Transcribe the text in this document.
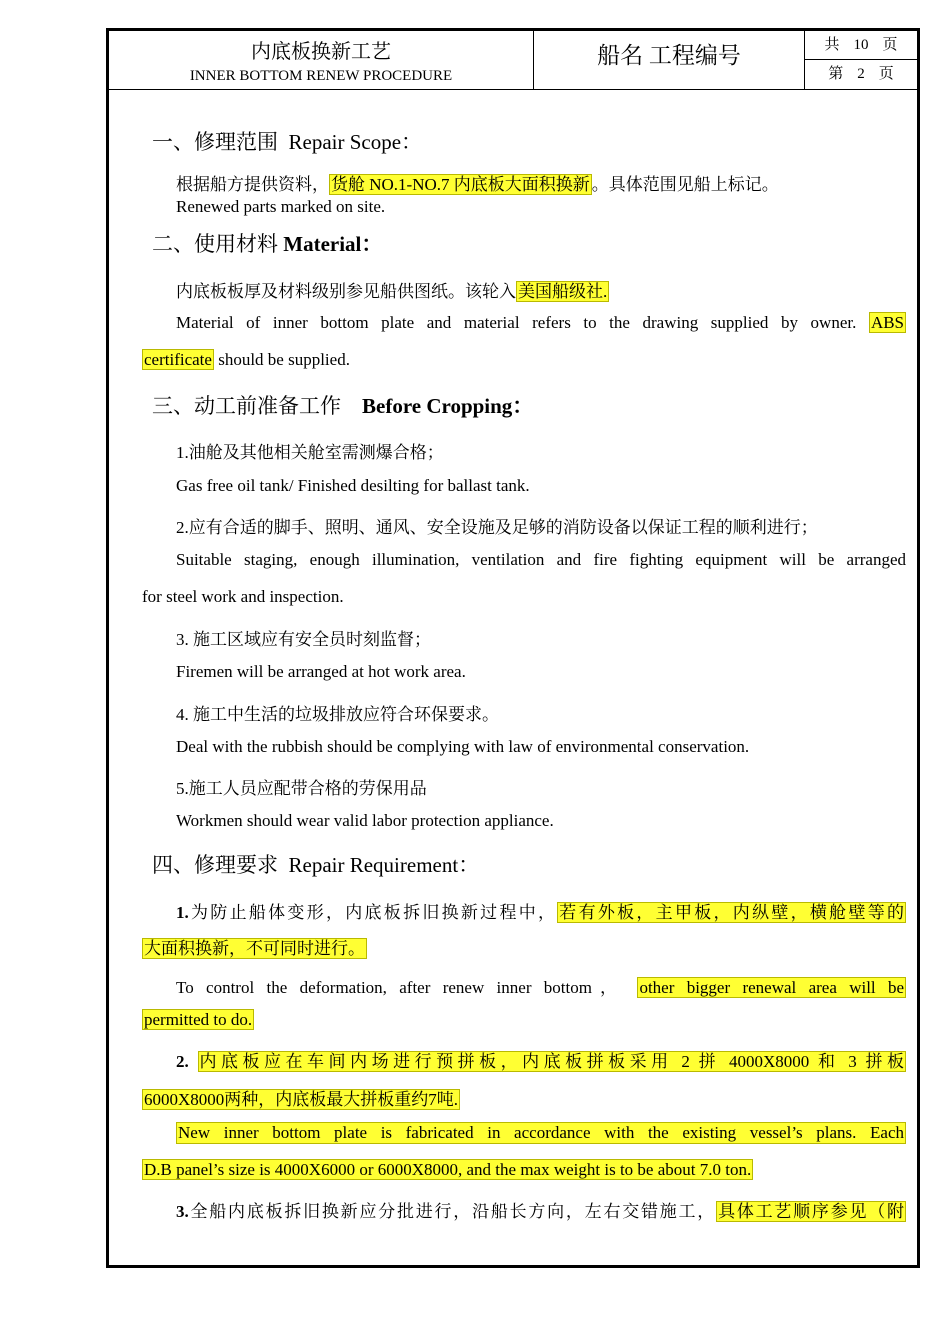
内底板换新工艺
INNER BOTTOM RENEW PROCEDURE
船名 工程编号	共 10 页
第 2 页
一、修理范围 Repair Scope：
根据船方提供资料， 货舱 NO.1-NO.7 内底板大面积换新 。具体范围见船上标记。
Renewed parts marked on site.
二、使用材料 Material：
内底板板厚及材料级别参见船供图纸。该轮入 美国船级社.
Material of inner bottom plate and material refers to the drawing supplied by owner. ABS
certificate should be supplied.
三、动工前准备工作 Before Cropping：
1.油舱及其他相关舱室需测爆合格；
Gas free oil tank/ Finished desilting for ballast tank.
2.应有合适的脚手、照明、通风、安全设施及足够的消防设备以保证工程的顺利进行；
Suitable staging, enough illumination, ventilation and fire fighting equipment will be arranged
for steel work and inspection.
3. 施工区域应有安全员时刻监督；
Firemen will be arranged at hot work area.
4. 施工中生活的垃圾排放应符合环保要求。
Deal with the rubbish should be complying with law of environmental conservation.
5.施工人员应配带合格的劳保用品
Workmen should wear valid labor protection appliance.
四、修理要求 Repair Requirement：
1.为防止船体变形，内底板拆旧换新过程中， 若有外板，主甲板，内纵壁，横舱壁等的
大面积换新，不可同时进行。
To control the deformation, after renew inner bottom， other bigger renewal area will be
permitted to do.
2. 内底板应在车间内场进行预拼板，内底板拼板采用 2 拼 4000X8000 和 3 拼板
6000X8000两种，内底板最大拼板重约7吨.
New inner bottom plate is fabricated in accordance with the existing vessel’s plans. Each
D.B panel’s size is 4000X6000 or 6000X8000, and the max weight is to be about 7.0 ton.
3.全船内底板拆旧换新应分批进行，沿船长方向，左右交错施工， 具体工艺顺序参见（附
